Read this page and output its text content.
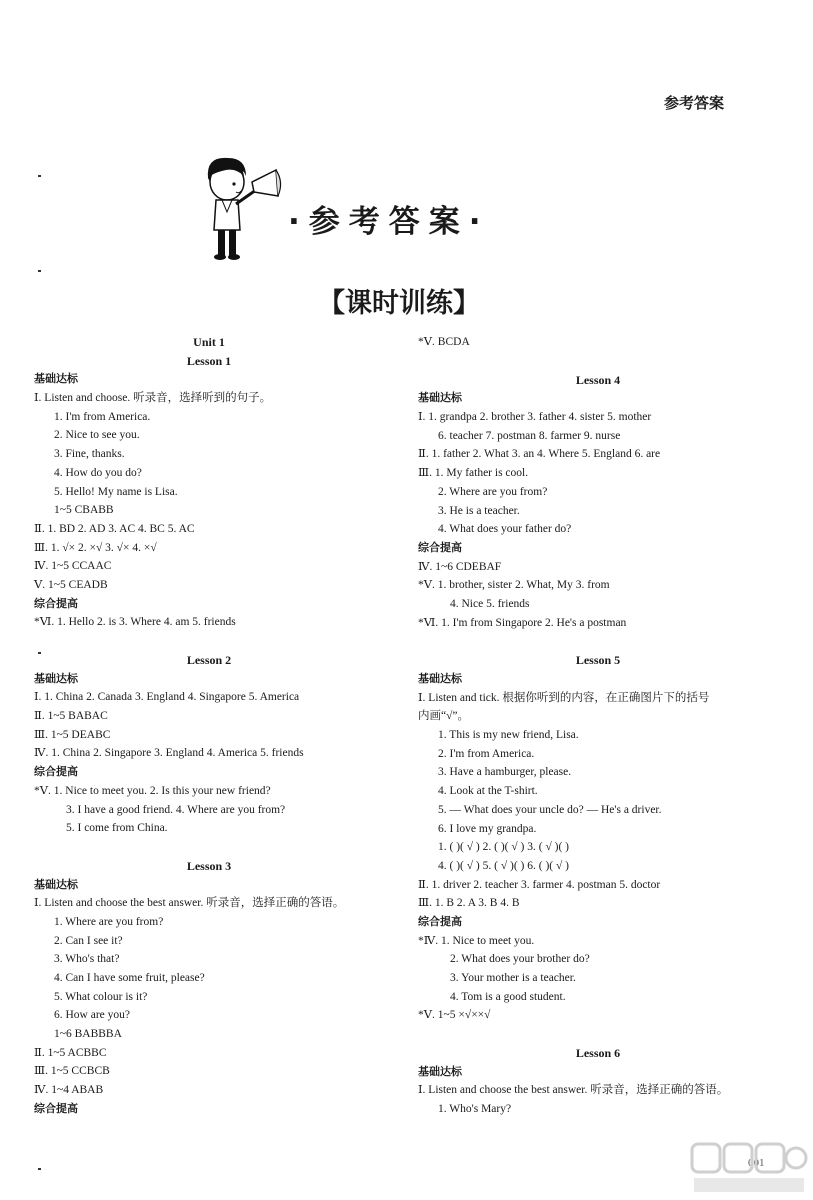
参考答案
·参考答案·
【课时训练】
Unit 1
Lesson 1
基础达标
Ⅰ. Listen and choose. 听录音，选择听到的句子。
1. I'm from America.
2. Nice to see you.
3. Fine, thanks.
4. How do you do?
5. Hello! My name is Lisa.
1~5 CBABB
Ⅱ. 1. BD 2. AD 3. AC 4. BC 5. AC
Ⅲ. 1. √× 2. ×√ 3. √× 4. ×√
Ⅳ. 1~5 CCAAC
Ⅴ. 1~5 CEADB
综合提高
*Ⅵ. 1. Hello 2. is 3. Where 4. am 5. friends
Lesson 2
基础达标
Ⅰ. 1. China 2. Canada 3. England 4. Singapore 5. America
Ⅱ. 1~5 BABAC
Ⅲ. 1~5 DEABC
Ⅳ. 1. China 2. Singapore 3. England 4. America 5. friends
综合提高
*Ⅴ. 1. Nice to meet you. 2. Is this your new friend?
3. I have a good friend. 4. Where are you from?
5. I come from China.
Lesson 3
基础达标
Ⅰ. Listen and choose the best answer. 听录音，选择正确的答语。
1. Where are you from?
2. Can I see it?
3. Who's that?
4. Can I have some fruit, please?
5. What colour is it?
6. How are you?
1~6 BABBBA
Ⅱ. 1~5 ACBBC
Ⅲ. 1~5 CCBCB
Ⅳ. 1~4 ABAB
综合提高
*Ⅴ. BCDA
Lesson 4
基础达标
Ⅰ. 1. grandpa 2. brother 3. father 4. sister 5. mother
6. teacher 7. postman 8. farmer 9. nurse
Ⅱ. 1. father 2. What 3. an 4. Where 5. England 6. are
Ⅲ. 1. My father is cool.
2. Where are you from?
3. He is a teacher.
4. What does your father do?
综合提高
Ⅳ. 1~6 CDEBAF
*Ⅴ. 1. brother, sister 2. What, My 3. from
4. Nice 5. friends
*Ⅵ. 1. I'm from Singapore 2. He's a postman
Lesson 5
基础达标
Ⅰ. Listen and tick. 根据你听到的内容，在正确图片下的括号
内画“√”。
1. This is my new friend, Lisa.
2. I'm from America.
3. Have a hamburger, please.
4. Look at the T-shirt.
5. — What does your uncle do? — He's a driver.
6. I love my grandpa.
1. ( )( √ ) 2. ( )( √ ) 3. ( √ )( )
4. ( )( √ ) 5. ( √ )( ) 6. ( )( √ )
Ⅱ. 1. driver 2. teacher 3. farmer 4. postman 5. doctor
Ⅲ. 1. B 2. A 3. B 4. B
综合提高
*Ⅳ. 1. Nice to meet you.
2. What does your brother do?
3. Your mother is a teacher.
4. Tom is a good student.
*Ⅴ. 1~5 ×√××√
Lesson 6
基础达标
Ⅰ. Listen and choose the best answer. 听录音，选择正确的答语。
1. Who's Mary?
001
